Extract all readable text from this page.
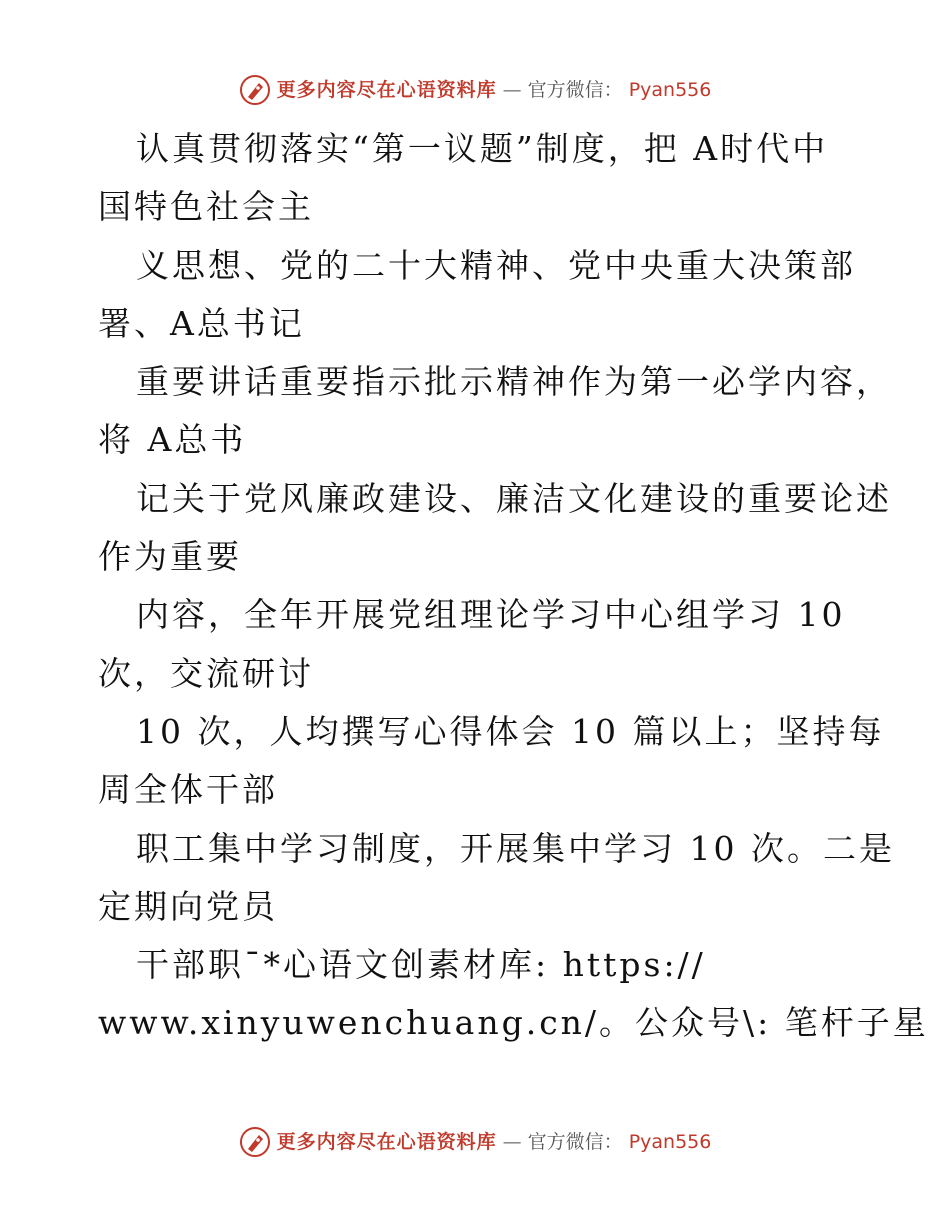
更多内容尽在心语资料库 — 官方微信： Pyan556
认真贯彻落实“第一议题”制度，把 A时代中
国特色社会主
义思想、党的二十大精神、党中央重大决策部
署、A总书记
重要讲话重要指示批示精神作为第一必学内容，
将 A总书
记关于党风廉政建设、廉洁文化建设的重要论述
作为重要
内容，全年开展党组理论学习中心组学习 10
次，交流研讨
10 次，人均撰写心得体会 10 篇以上；坚持每
周全体干部
职工集中学习制度，开展集中学习 10 次。二是
定期向党员
干部职¯*心语文创素材库: https://
www.xinyuwenchuang.cn/。公众号\: 笔杆子星
更多内容尽在心语资料库 — 官方微信： Pyan556
